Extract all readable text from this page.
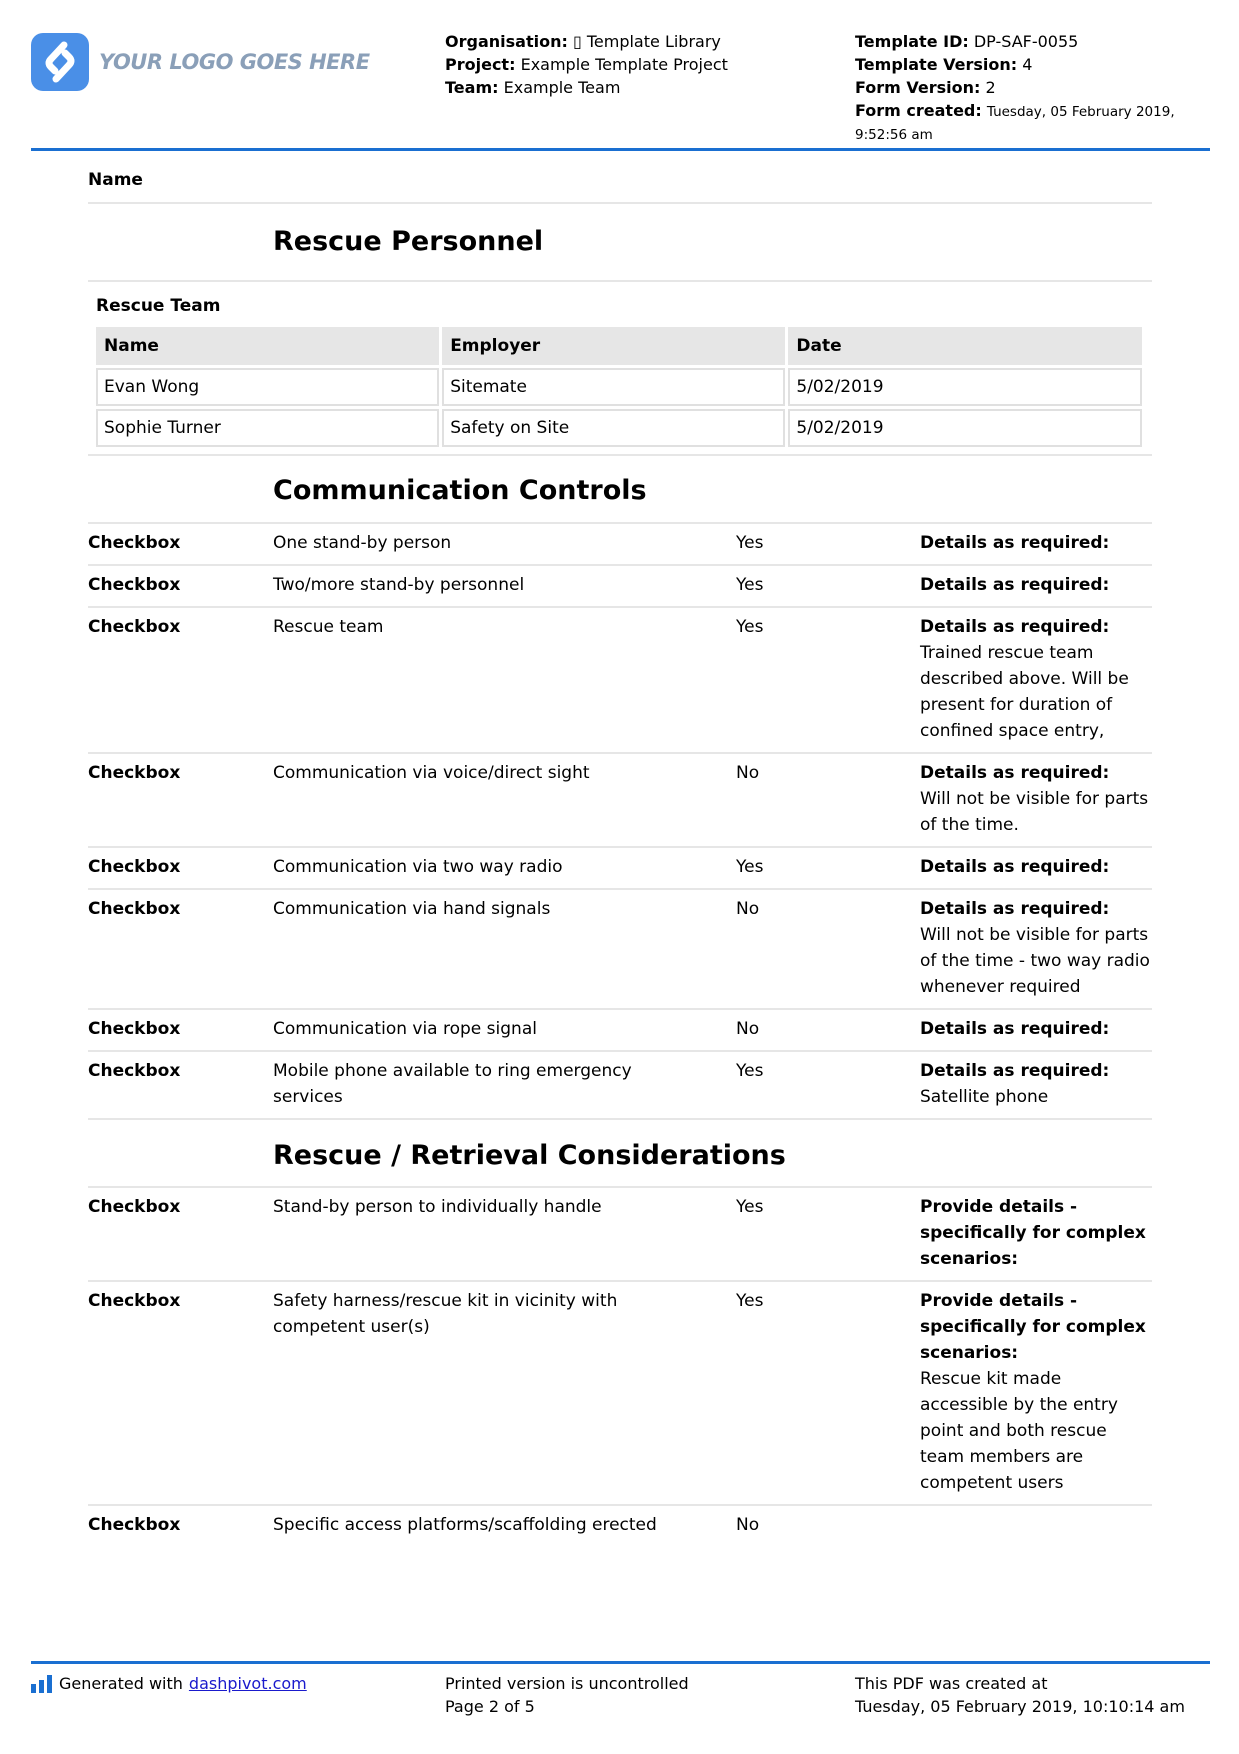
YOUR LOGO GOES HERE
Organisation: ▯ Template Library
Project: Example Template Project
Team: Example Team
Template ID: DP-SAF-0055
Template Version: 4
Form Version: 2
Form created: Tuesday, 05 February 2019,
9:52:56 am
Name
Rescue Personnel
Rescue Team
Name	Employer	Date
Evan Wong	Sitemate	5/02/2019
Sophie Turner	Safety on Site	5/02/2019
Communication Controls
Checkbox	One stand-by person	Yes	Details as required:
Checkbox	Two/more stand-by personnel	Yes	Details as required:
Checkbox	Rescue team	Yes	Details as required:
Trained rescue team described above. Will be present for duration of confined space entry,
Checkbox	Communication via voice/direct sight	No	Details as required:
Will not be visible for parts of the time.
Checkbox	Communication via two way radio	Yes	Details as required:
Checkbox	Communication via hand signals	No	Details as required:
Will not be visible for parts of the time - two way radio whenever required
Checkbox	Communication via rope signal	No	Details as required:
Checkbox	Mobile phone available to ring emergency services
Yes	Details as required:
Satellite phone
Rescue / Retrieval Considerations
Checkbox	Stand-by person to individually handle	Yes	Provide details - specifically for complex scenarios:
Checkbox	Safety harness/rescue kit in vicinity with competent user(s)
Yes	Provide details - specifically for complex scenarios:
Rescue kit made accessible by the entry point and both rescue team members are competent users
Checkbox	Specific access platforms/scaffolding erected	No
Generated with dashpivot.com	Printed version is uncontrolled
Page 2 of 5
This PDF was created at
Tuesday, 05 February 2019, 10:10:14 am
